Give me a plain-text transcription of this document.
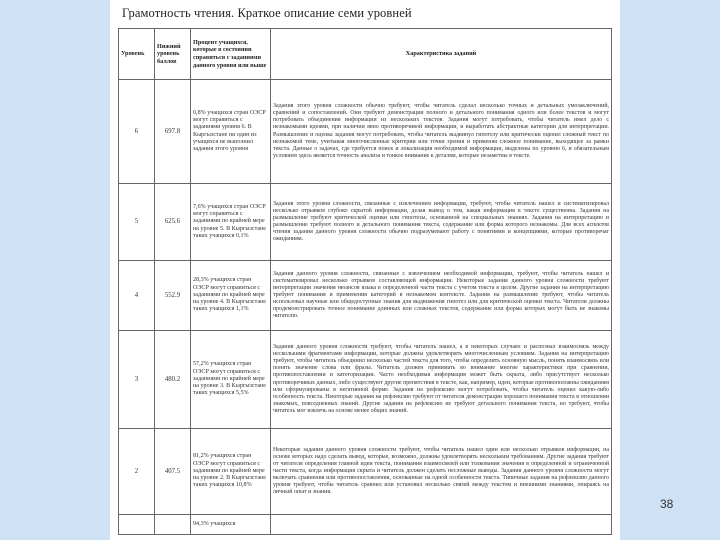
Грамотность чтения. Краткое описание семи уровней
Уровень	Нижний уровень баллов	Процент учащихся, которые в состоянии справиться с заданиями данного уровня или выше	Характеристика заданий
6	697.8	0,8% учащихся стран ОЭСР могут справиться с заданиями уровня 6. В Кыргызстане ни один из учащихся не выполнил задания этого уровня	Задания этого уровня сложности обычно требуют, чтобы читатель сделал несколько точных и детальных умозаключений, сравнений и сопоставлений. Они требуют демонстрации полного и детального понимания одного или более текстов и могут потребовать объединения информации из нескольких текстов. Задания могут потребовать, чтобы читатель имел дело с незнакомыми идеями, при наличии явно противоречивой информации, и выработать абстрактные категории для интерпретации. Размышление и оценка задания могут потребовать, чтобы читатель выдвинул гипотезу или критически оценил сложный текст по незнакомой теме, учитывая многочисленные критерии или точки зрения и применяя сложное понимание, выходящее за рамки текста. Данные о задачах, где требуется поиск и локализация необходимой информации, выделены по уровню 6, и обязательным условием здесь является точность анализа и тонкое внимание к деталям, которые незаметны в тексте.
5	625.6	7,6% учащихся стран ОЭСР могут справиться с заданиями по крайней мере на уровне 5. В Кыргызстане таких учащихся 0,1%	Задания этого уровня сложности, связанные с извлечением информации, требуют, чтобы читатель нашел и систематизировал несколько отрывков глубоко скрытой информации, делая вывод о том, какая информация в тексте существенна. Задания на размышление требуют критической оценки или гипотезы, основанной на специальных знаниях. Задания на интерпретацию и размышление требуют полного и детального понимания текста, содержание или форма которого незнакомы. Для всех аспектов чтения задания данного уровня сложности обычно подразумевают работу с понятиями и концепциями, которые противоречат ожиданиям.
4	552.9	28,3% учащихся стран ОЭСР могут справиться с заданиями по крайней мере на уровне 4. В Кыргызстане таких учащихся 1,1%	Задания данного уровня сложности, связанные с извлечением необходимой информации, требуют, чтобы читатель нашел и систематизировал несколько отрывков составляющей информации. Некоторые задания данного уровня сложности требуют интерпретации значения нюансов языка в определенной части текста с учетом текста в целом. Другие задания на интерпретацию требуют понимания и применения категорий в незнакомом контексте. Задания на размышление требуют, чтобы читатель использовал научные или общедоступные знания для выдвижения гипотез или для критической оценки текста. Читатели должны продемонстрировать точное понимание длинных или сложных текстов, содержание или форма которых могут быть не знакомы читателю.
3	480.2	57,2% учащихся стран ОЭСР могут справиться с заданиями по крайней мере на уровне 3. В Кыргызстане таких учащихся 5,5%	Задания данного уровня сложности требуют, чтобы читатель нашел, а в некоторых случаях и распознал взаимосвязь между несколькими фрагментами информации, которые должны удовлетворять многочисленным условиям. Задания на интерпретацию требуют, чтобы читатель объединил несколько частей текста для того, чтобы определить основную мысль, понять взаимосвязь или понять значение слова или фразы. Читатель должен принимать во внимание многие характеристики при сравнении, противопоставлении и категоризации. Часто необходимая информация может быть скрыта, либо присутствует несколько противоречивых данных, либо существуют другие препятствия в тексте, как, например, идеи, которые противоположны ожиданиям или сформулированы в негативной форме. Задания на рефлексию могут потребовать, чтобы читатель оценил какую-либо особенность текста. Некоторые задания на рефлексию требуют от читателя демонстрации хорошего понимания текста в отношении знакомых, повседневных знаний. Другие задания на рефлексию не требуют детального понимания текста, но требуют, чтобы читатель мог извлечь на основе менее общих знаний.
2	407.5	81,2% учащихся стран ОЭСР могут справиться с заданиями по крайней мере на уровне 2. В Кыргызстане таких учащихся 10,8%	Некоторые задания данного уровня сложности требуют, чтобы читатель нашел один или несколько отрывков информации, на основе которых надо сделать вывод, которые, возможно, должны удовлетворять нескольким требованиям. Другие задания требуют от читателя определения главной идеи текста, понимания взаимосвязей или толкования значения в определенной и ограниченной части текста, когда информация скрыта и читатель должен сделать несложные выводы. Задания данного уровня сложности могут включать сравнения или противопоставления, основанные на одной особенности текста. Типичные задания на рефлексию данного уровня требуют, чтобы читатель сравнил или установил несколько связей между текстом и внешними знаниями, опираясь на личный опыт и знания.
		94,3% учащихся	
38
